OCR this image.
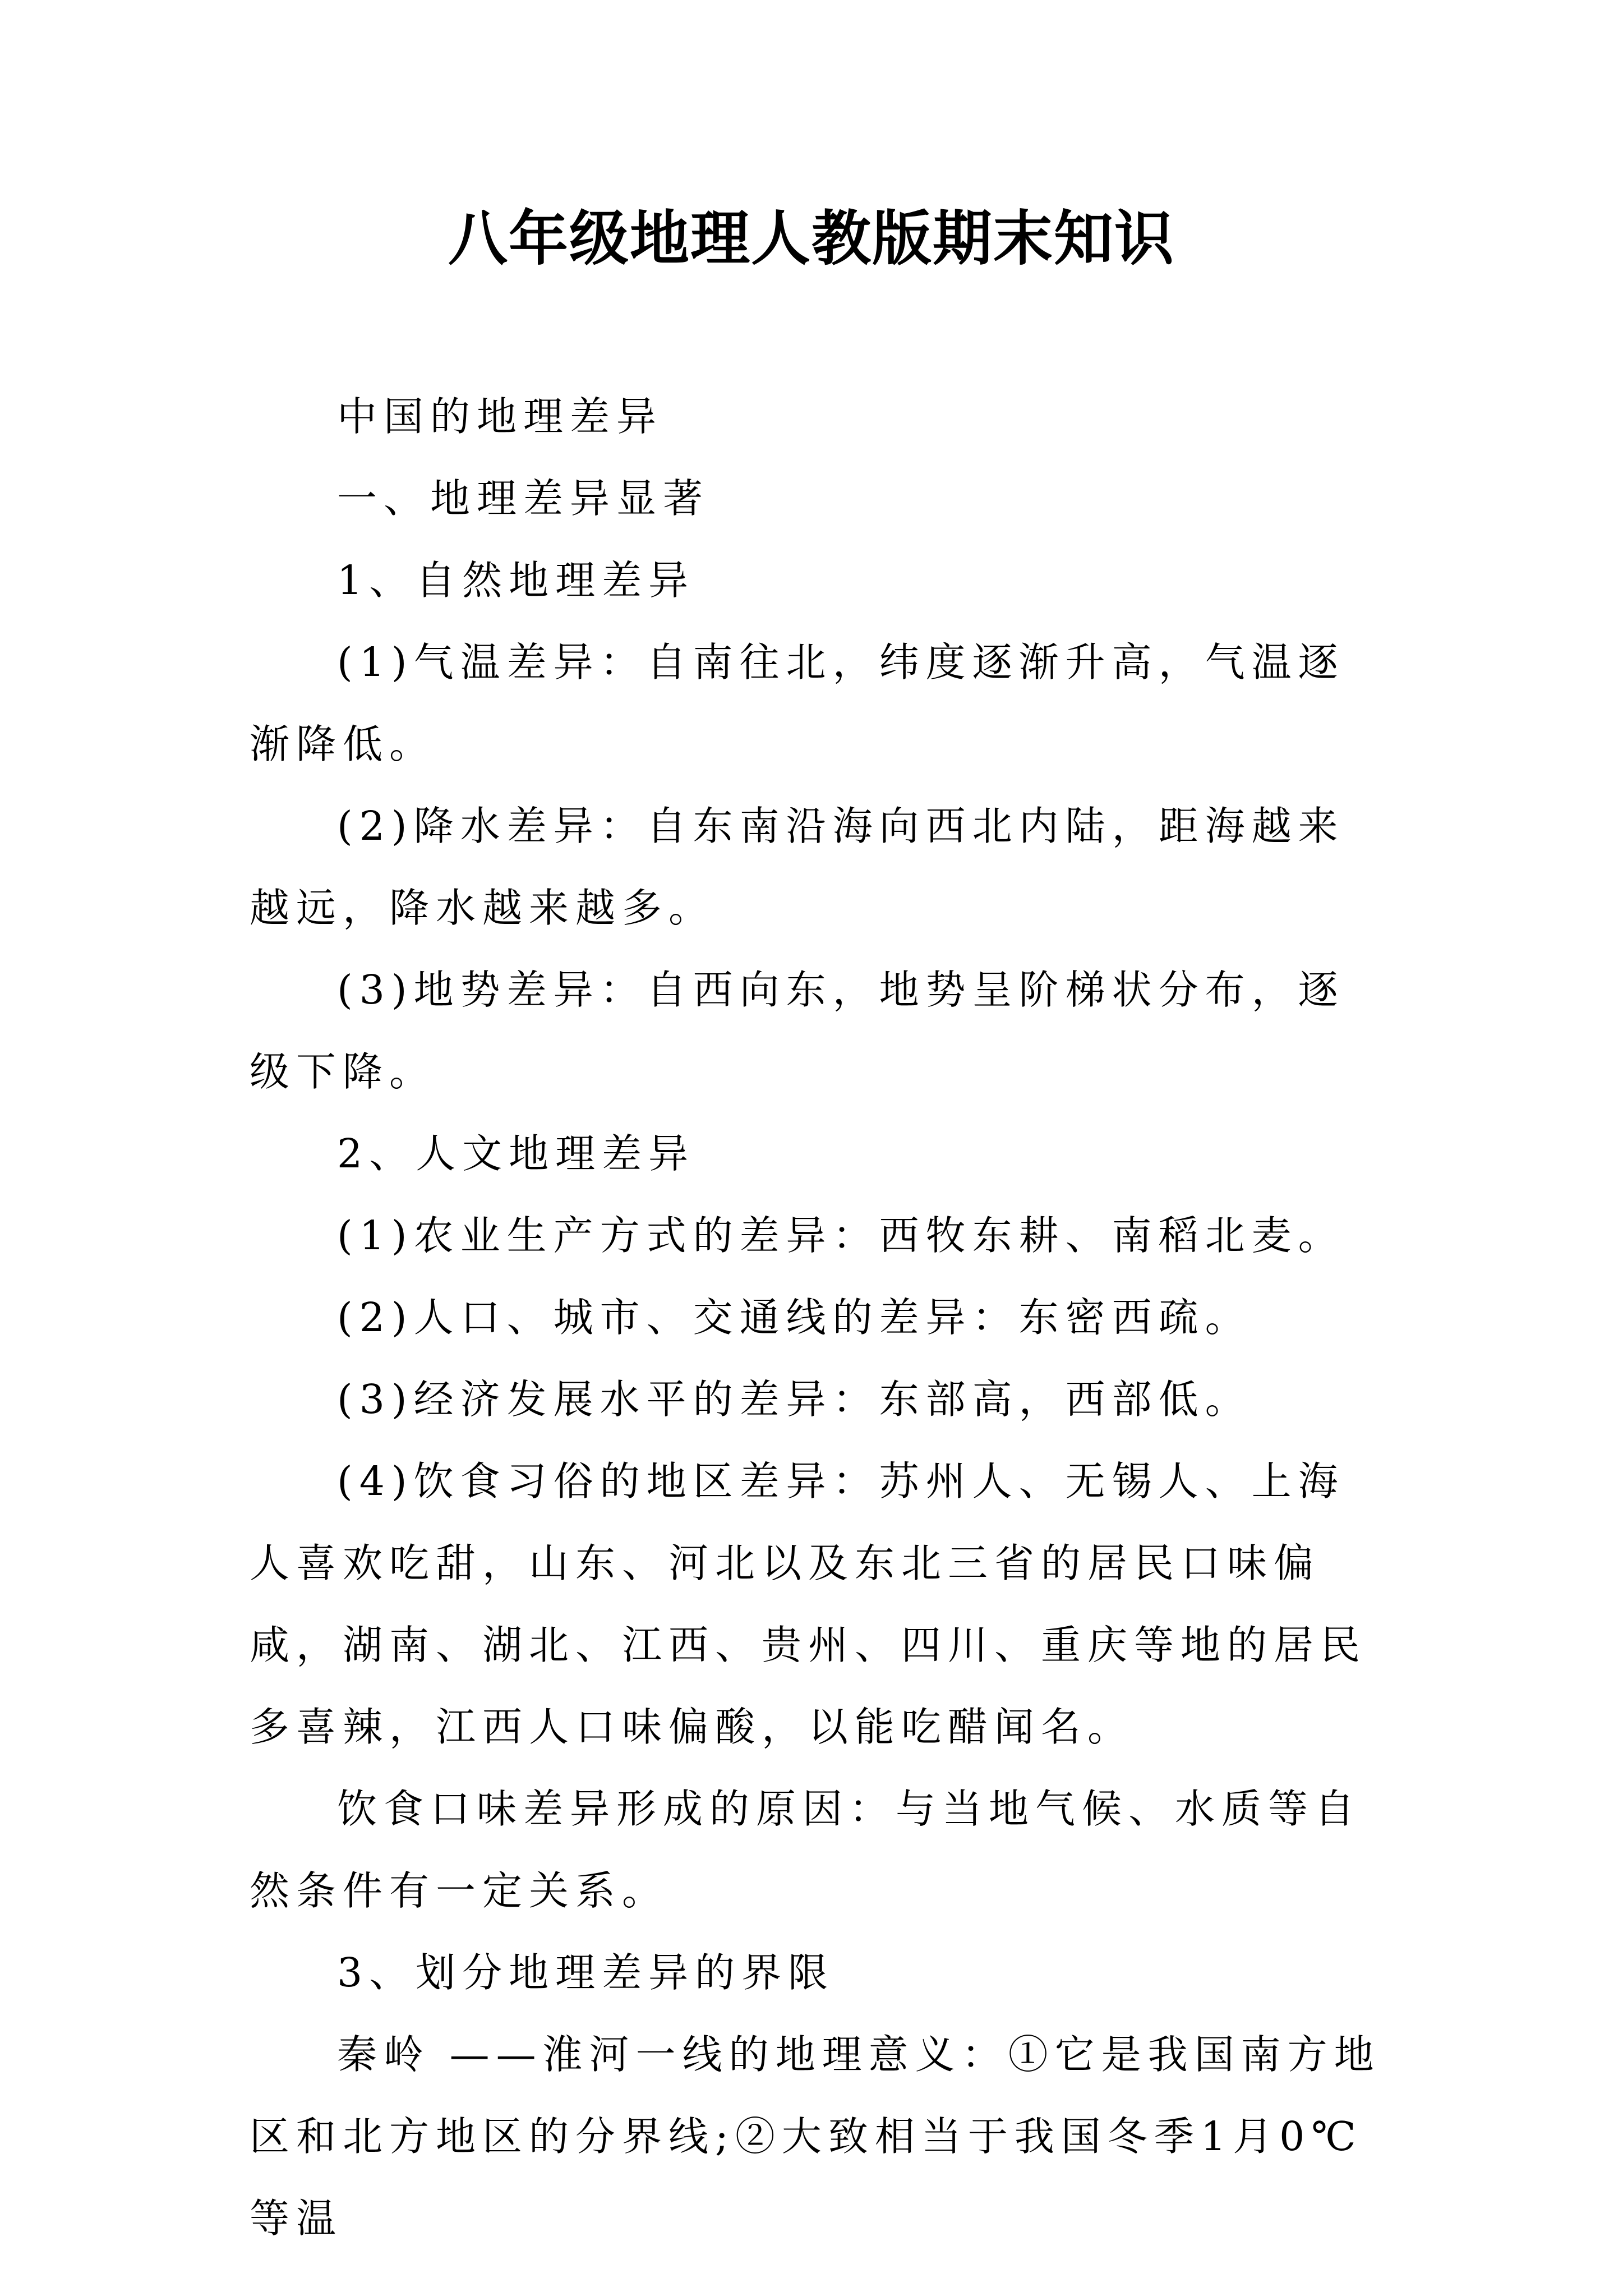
八年级地理人教版期末知识

中国的地理差异

一、地理差异显著

1、自然地理差异

(1)气温差异：自南往北，纬度逐渐升高，气温逐渐降低。

(2)降水差异：自东南沿海向西北内陆，距海越来越远，降水越来越多。

(3)地势差异：自西向东，地势呈阶梯状分布，逐级下降。

2、人文地理差异

(1)农业生产方式的差异：西牧东耕、南稻北麦。

(2)人口、城市、交通线的差异：东密西疏。

(3)经济发展水平的差异：东部高，西部低。

(4)饮食习俗的地区差异：苏州人、无锡人、上海人喜欢吃甜，山东、河北以及东北三省的居民口味偏咸，湖南、湖北、江西、贵州、四川、重庆等地的居民多喜辣，江西人口味偏酸，以能吃醋闻名。

饮食口味差异形成的原因：与当地气候、水质等自然条件有一定关系。

3、划分地理差异的界限

秦岭 ——淮河一线的地理意义：①它是我国南方地区和北方地区的分界线;②大致相当于我国冬季1月0℃等温
